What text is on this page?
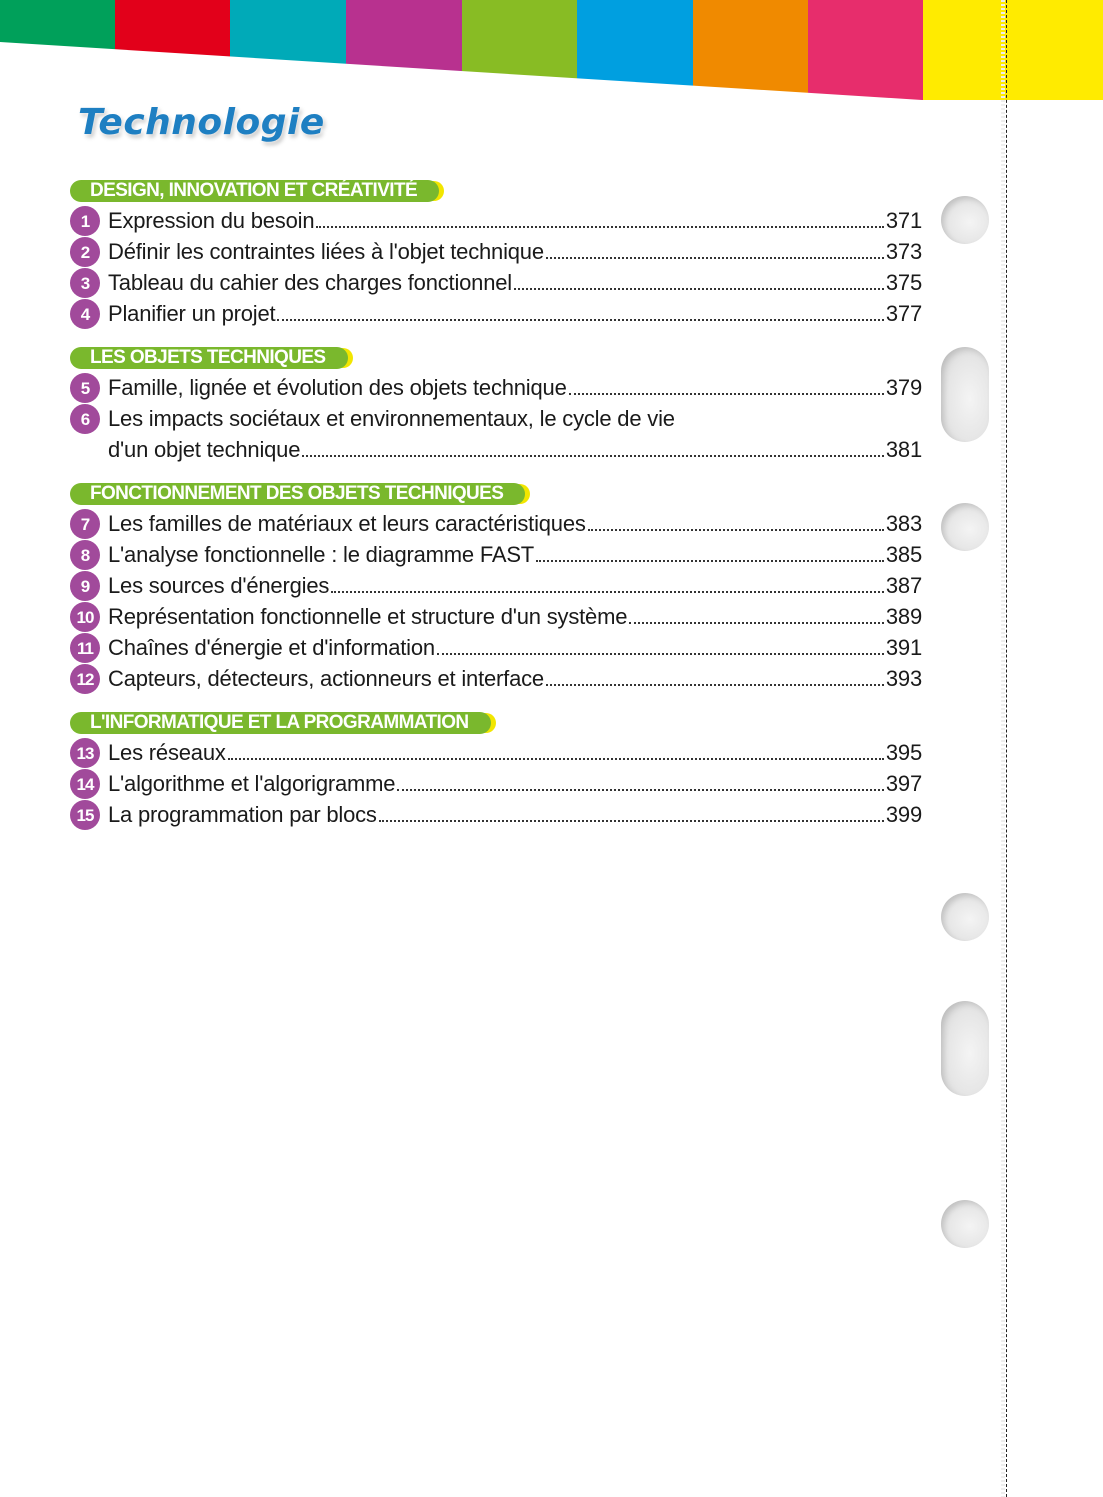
Technologie
DESIGN, INNOVATION ET CRÉATIVITÉ
1 Expression du besoin	371
2 Définir les contraintes liées à l'objet technique	373
3 Tableau du cahier des charges fonctionnel	375
4 Planifier un projet	377
LES OBJETS TECHNIQUES
5 Famille, lignée et évolution des objets technique	379
6 Les impacts sociétaux et environnementaux, le cycle de vie
d'un objet technique	381
FONCTIONNEMENT DES OBJETS TECHNIQUES
7 Les familles de matériaux et leurs caractéristiques	383
8 L'analyse fonctionnelle : le diagramme FAST	385
9 Les sources d'énergies	387
10 Représentation fonctionnelle et structure d'un système	389
11 Chaînes d'énergie et d'information	391
12 Capteurs, détecteurs, actionneurs et interface	393
L'INFORMATIQUE ET LA PROGRAMMATION
13 Les réseaux	395
14 L'algorithme et l'algorigramme	397
15 La programmation par blocs	399
